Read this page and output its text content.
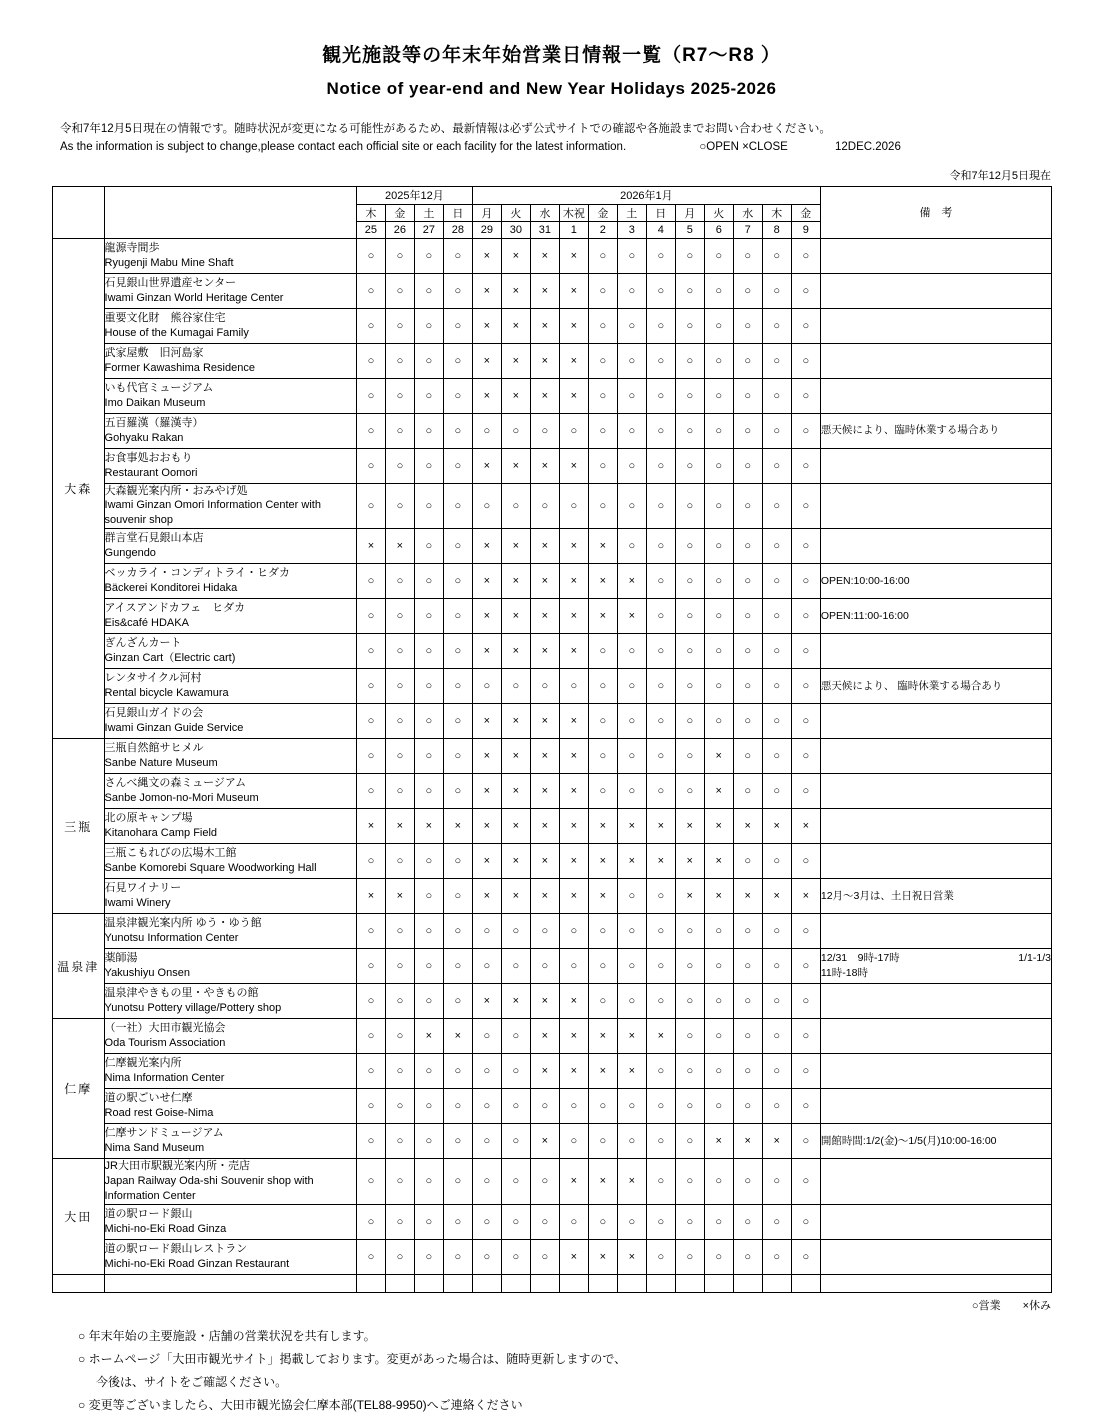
観光施設等の年末年始営業日情報一覧（R7～R8 ）
Notice of year-end and New Year Holidays 2025-2026
令和7年12月5日現在の情報です。随時状況が変更になる可能性があるため、最新情報は必ず公式サイトでの確認や各施設までお問い合わせください。
As the information is subject to change,please contact each official site or each facility for the latest information.	○OPEN ×CLOSE	12DEC.2026
令和7年12月5日現在
		2025年12月				2026年1月												備　考
		木	金	土	日	月	火	水	木祝	金	土	日	月	火	水	木	金	
		25	26	27	28	29	30	31	1	2	3	4	5	6	7	8	9	
大森	龍源寺間歩
Ryugenji Mabu Mine Shaft	○	○	○	○	×	×	×	×	○	○	○	○	○	○	○	○	

	石見銀山世界遺産センター
Iwami Ginzan World Heritage Center	○	○	○	○	×	×	×	×	○	○	○	○	○	○	○	○	

	重要文化財　熊谷家住宅
House of the Kumagai Family	○	○	○	○	×	×	×	×	○	○	○	○	○	○	○	○	

	武家屋敷　旧河島家
Former Kawashima Residence	○	○	○	○	×	×	×	×	○	○	○	○	○	○	○	○	

	いも代官ミュージアム
Imo Daikan Museum	○	○	○	○	×	×	×	×	○	○	○	○	○	○	○	○	

	五百羅漢（羅漢寺）
Gohyaku Rakan	○	○	○	○	○	○	○	○	○	○	○	○	○	○	○	○	悪天候により、臨時休業する場合あり

	お食事処おおもり
Restaurant Oomori	○	○	○	○	×	×	×	×	○	○	○	○	○	○	○	○	

	大森観光案内所・おみやげ処
Iwami Ginzan Omori Information Center with souvenir shop	○	○	○	○	○	○	○	○	○	○	○	○	○	○	○	○	

	群言堂石見銀山本店
Gungendo	×	×	○	○	×	×	×	×	×	○	○	○	○	○	○	○	

	ベッカライ・コンディトライ・ヒダカ
Bäckerei Konditorei Hidaka	○	○	○	○	×	×	×	×	×	×	○	○	○	○	○	○	OPEN:10:00-16:00

	アイスアンドカフェ　ヒダカ
Eis&café HDAKA	○	○	○	○	×	×	×	×	×	×	○	○	○	○	○	○	OPEN:11:00-16:00

	ぎんざんカート
Ginzan Cart（Electric cart)	○	○	○	○	×	×	×	×	○	○	○	○	○	○	○	○	

	レンタサイクル河村
Rental bicycle Kawamura	○	○	○	○	○	○	○	○	○	○	○	○	○	○	○	○	悪天候により、 臨時休業する場合あり

	石見銀山ガイドの会
Iwami Ginzan Guide Service	○	○	○	○	×	×	×	×	○	○	○	○	○	○	○	○	
三瓶	三瓶自然館サヒメル
Sanbe Nature Museum	○	○	○	○	×	×	×	×	○	○	○	○	×	○	○	○	

	さんべ縄文の森ミュージアム
Sanbe Jomon-no-Mori Museum	○	○	○	○	×	×	×	×	○	○	○	○	×	○	○	○	

	北の原キャンプ場
Kitanohara Camp Field	×	×	×	×	×	×	×	×	×	×	×	×	×	×	×	×	

	三瓶こもれびの広場木工館
Sanbe Komorebi Square Woodworking Hall	○	○	○	○	×	×	×	×	×	×	×	×	×	○	○	○	

	石見ワイナリー
Iwami Winery	×	×	○	○	×	×	×	×	×	○	○	×	×	×	×	×	12月～3月は、土日祝日営業

温泉津	温泉津観光案内所 ゆう・ゆう館
Yunotsu Information Center	○	○	○	○	○	○	○	○	○	○	○	○	○	○	○	○	

	薬師湯
Yakushiyu Onsen	○	○	○	○	○	○	○	○	○	○	○	○	○	○	○	○	12/31　9時-17時 1/1-1/3
11時-18時

	温泉津やきもの里・やきもの館
Yunotsu Pottery village/Pottery shop	○	○	○	○	×	×	×	×	○	○	○	○	○	○	○	○	
仁摩	（一社）大田市観光協会
Oda Tourism Association	○	○	×	×	○	○	×	×	×	×	×	○	○	○	○	○	

	仁摩観光案内所
Nima Information Center	○	○	○	○	○	○	×	×	×	×	○	○	○	○	○	○	

	道の駅ごいせ仁摩
Road rest Goise-Nima	○	○	○	○	○	○	○	○	○	○	○	○	○	○	○	○	

	仁摩サンドミュージアム
Nima Sand Museum	○	○	○	○	○	○	×	○	○	○	○	○	×	×	×	○	開館時間:1/2(金)～1/5(月)10:00-16:00

大田	JR大田市駅観光案内所・売店
Japan Railway Oda-shi Souvenir shop with Information Center	○	○	○	○	○	○	○	×	×	×	○	○	○	○	○	○	

	道の駅ロード銀山
Michi-no-Eki Road Ginza	○	○	○	○	○	○	○	○	○	○	○	○	○	○	○	○	

	道の駅ロード銀山レストラン
Michi-no-Eki Road Ginzan Restaurant	○	○	○	○	○	○	○	×	×	×	○	○	○	○	○	○	

○営業　　×休み
○ 年末年始の主要施設・店舗の営業状況を共有します。
○ ホームページ「大田市観光サイト」掲載しております。変更があった場合は、随時更新しますので、
今後は、サイトをご確認ください。
○ 変更等ございましたら、大田市観光協会仁摩本部(TEL88-9950)へご連絡ください
